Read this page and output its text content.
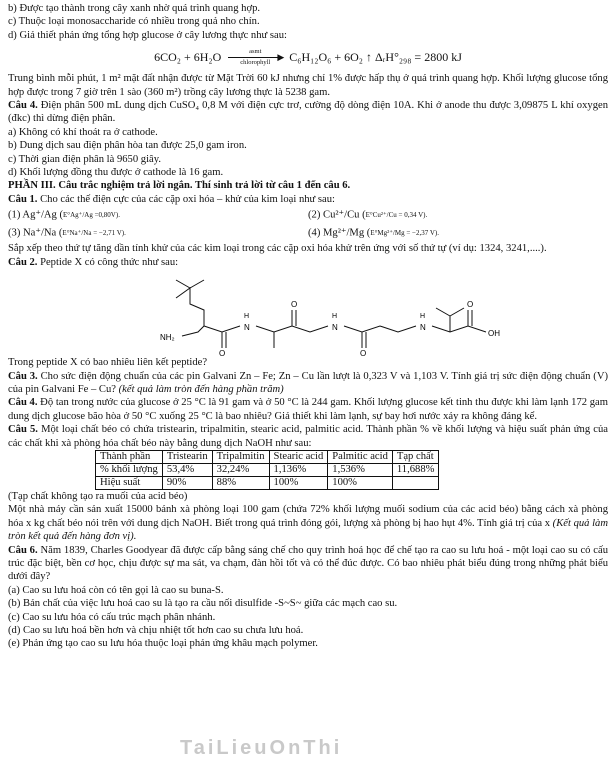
b) Được tạo thành trong cây xanh nhờ quá trình quang hợp.

c) Thuộc loại monosaccharide có nhiều trong quả nho chín.

d) Giả thiết phản ứng tổng hợp glucose ở cây lương thực như sau:

6CO₂ + 6H₂O	asmt
▶
chlorophyll	C₆H₁₂O₆ + 6O₂ ↑ ΔᵣH°₂₉₈ = 2800 kJ

Trung bình mỗi phút, 1 m² mặt đất nhận được từ Mặt Trời 60 kJ nhưng chỉ 1% được hấp thụ ở quá trình quang hợp. Khối lượng glucose tổng hợp được trong 7 giờ trên 1 sào (360 m²) trồng cây lương thực là 5238 gam.

Câu 4. Điện phân 500 mL dung dịch CuSO₄ 0,8 M với điện cực trơ, cường độ dòng điện 10A. Khi ở anode thu được 3,09875 L khí oxygen (đkc) thì dừng điện phân.

a) Không có khí thoát ra ở cathode.

b) Dung dịch sau điện phân hòa tan được 25,0 gam iron.

c) Thời gian điện phân là 9650 giây.

d) Khối lượng đồng thu được ở cathode là 16 gam.

PHẦN III. Câu trắc nghiệm trả lời ngắn. Thí sinh trả lời từ câu 1 đến câu 6.

Câu 1. Cho các thế điện cực của các cặp oxi hóa – khử của kim loại như sau:

(1) Ag⁺/Ag (E°Ag⁺/Ag =0,80V).	(2) Cu²⁺/Cu (E°Cu²⁺/Cu = 0,34 V).
(3) Na⁺/Na (E°Na⁺/Na = −2,71 V).	(4) Mg²⁺/Mg (E°Mg²⁺/Mg = −2,37 V).

Sắp xếp theo thứ tự tăng dần tính khử của các kim loại trong các cặp oxi hóa khử trên ứng với số thứ tự (ví dụ: 1324, 3241,....).

Câu 2. Peptide X có công thức như sau:

NH₂
O
H
N
O
H
N
O
H
N
O
OH

Trong peptide X có bao nhiêu liên kết peptide?

Câu 3. Cho sức điện động chuẩn của các pin Galvani Zn – Fe; Zn – Cu lần lượt là 0,323 V và 1,103 V. Tính giá trị sức điện động chuẩn (V) của pin Galvani Fe – Cu? (kết quả làm tròn đến hàng phần trăm)

Câu 4. Độ tan trong nước của glucose ở 25 °C là 91 gam và ở 50 °C là 244 gam. Khối lượng glucose kết tinh thu được khi làm lạnh 172 gam dung dịch glucose bão hòa ở 50 °C xuống 25 °C là bao nhiêu? Giả thiết khi làm lạnh, sự bay hơi nước xảy ra không đáng kể.

Câu 5. Một loại chất béo có chứa tristearin, tripalmitin, stearic acid, palmitic acid. Thành phần % về khối lượng và hiệu suất phản ứng của các chất khi xà phòng hóa chất béo này bằng dung dịch NaOH như sau:

Thành phần	Tristearin	Tripalmitin	Stearic acid	Palmitic acid	Tạp chất
% khối lượng	53,4%	32,24%	1,136%	1,536%	11,688%
Hiệu suất	90%	88%	100%	100%	

(Tạp chất không tạo ra muối của acid béo)

Một nhà máy cần sản xuất 15000 bánh xà phòng loại 100 gam (chứa 72% khối lượng muối sodium của các acid béo) bằng cách xà phòng hóa x kg chất béo nói trên với dung dịch NaOH. Biết trong quá trình đóng gói, lượng xà phòng bị hao hụt 4%. Tính giá trị của x (Kết quả làm tròn kết quả đến hàng đơn vị).

Câu 6. Năm 1839, Charles Goodyear đã được cấp bằng sáng chế cho quy trình hoá học để chế tạo ra cao su lưu hoá - một loại cao su có cấu trúc đặc biệt, bền cơ học, chịu được sự ma sát, va chạm, đàn hồi tốt và có thể đúc được. Có bao nhiêu phát biểu đúng trong những phát biểu dưới đây?

(a) Cao su lưu hoá còn có tên gọi là cao su buna-S.

(b) Bản chất của việc lưu hoá cao su là tạo ra cầu nối disulfide -S~S~ giữa các mạch cao su.

(c) Cao su lưu hóa có cấu trúc mạch phân nhánh.

(d) Cao su lưu hoá bền hơn và chịu nhiệt tốt hơn cao su chưa lưu hoá.

(e) Phản ứng tạo cao su lưu hóa thuộc loại phản ứng khâu mạch polymer.

TaiLieuOnThi
